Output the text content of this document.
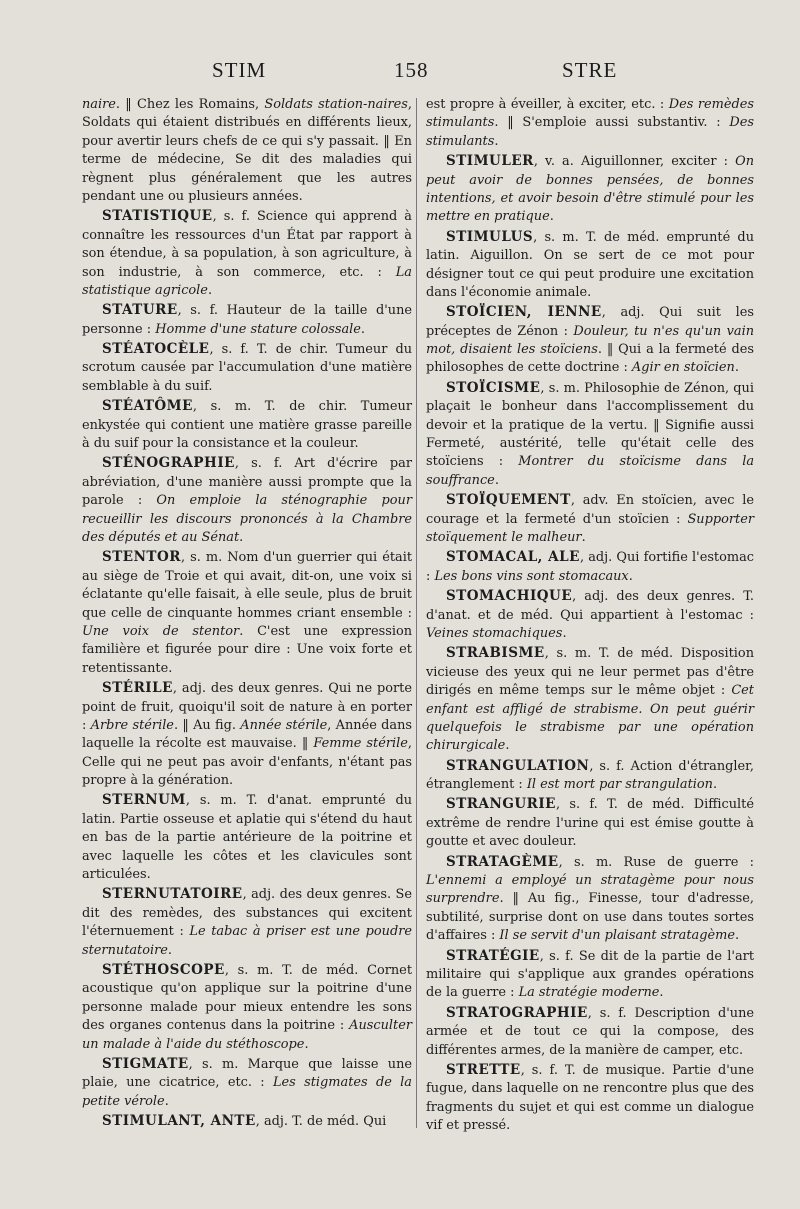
STIM	158	STRE

naire. ‖ Chez les Romains, Soldats station-naires, Soldats qui étaient distribués en différents lieux, pour avertir leurs chefs de ce qui s'y passait. ‖ En terme de médecine, Se dit des maladies qui règnent plus généralement que les autres pendant une ou plusieurs années.

STATISTIQUE, s. f. Science qui apprend à connaître les ressources d'un État par rapport à son étendue, à sa population, à son agriculture, à son industrie, à son commerce, etc. : La statistique agricole.

STATURE, s. f. Hauteur de la taille d'une personne : Homme d'une stature colossale.

STÉATOCÈLE, s. f. T. de chir. Tumeur du scrotum causée par l'accumulation d'une matière semblable à du suif.

STÉATÔME, s. m. T. de chir. Tumeur enkystée qui contient une matière grasse pareille à du suif pour la consistance et la couleur.

STÉNOGRAPHIE, s. f. Art d'écrire par abréviation, d'une manière aussi prompte que la parole : On emploie la sténographie pour recueillir les discours prononcés à la Chambre des députés et au Sénat.

STENTOR, s. m. Nom d'un guerrier qui était au siège de Troie et qui avait, dit-on, une voix si éclatante qu'elle faisait, à elle seule, plus de bruit que celle de cinquante hommes criant ensemble : Une voix de stentor. C'est une expression familière et figurée pour dire : Une voix forte et retentissante.

STÉRILE, adj. des deux genres. Qui ne porte point de fruit, quoiqu'il soit de nature à en porter : Arbre stérile. ‖ Au fig. Année stérile, Année dans laquelle la récolte est mauvaise. ‖ Femme stérile, Celle qui ne peut pas avoir d'enfants, n'étant pas propre à la génération.

STERNUM, s. m. T. d'anat. emprunté du latin. Partie osseuse et aplatie qui s'étend du haut en bas de la partie antérieure de la poitrine et avec laquelle les côtes et les clavicules sont articulées.

STERNUTATOIRE, adj. des deux genres. Se dit des remèdes, des substances qui excitent l'éternuement : Le tabac à priser est une poudre sternutatoire.

STÉTHOSCOPE, s. m. T. de méd. Cornet acoustique qu'on applique sur la poitrine d'une personne malade pour mieux entendre les sons des organes contenus dans la poitrine : Ausculter un malade à l'aide du stéthoscope.

STIGMATE, s. m. Marque que laisse une plaie, une cicatrice, etc. : Les stigmates de la petite vérole.

STIMULANT, ANTE, adj. T. de méd. Qui

est propre à éveiller, à exciter, etc. : Des remèdes stimulants. ‖ S'emploie aussi substantiv. : Des stimulants.

STIMULER, v. a. Aiguillonner, exciter : On peut avoir de bonnes pensées, de bonnes intentions, et avoir besoin d'être stimulé pour les mettre en pratique.

STIMULUS, s. m. T. de méd. emprunté du latin. Aiguillon. On se sert de ce mot pour désigner tout ce qui peut produire une excitation dans l'économie animale.

STOÏCIEN, IENNE, adj. Qui suit les préceptes de Zénon : Douleur, tu n'es qu'un vain mot, disaient les stoïciens. ‖ Qui a la fermeté des philosophes de cette doctrine : Agir en stoïcien.

STOÏCISME, s. m. Philosophie de Zénon, qui plaçait le bonheur dans l'accomplissement du devoir et la pratique de la vertu. ‖ Signifie aussi Fermeté, austérité, telle qu'était celle des stoïciens : Montrer du stoïcisme dans la souffrance.

STOÏQUEMENT, adv. En stoïcien, avec le courage et la fermeté d'un stoïcien : Supporter stoïquement le malheur.

STOMACAL, ALE, adj. Qui fortifie l'estomac : Les bons vins sont stomacaux.

STOMACHIQUE, adj. des deux genres. T. d'anat. et de méd. Qui appartient à l'estomac : Veines stomachiques.

STRABISME, s. m. T. de méd. Disposition vicieuse des yeux qui ne leur permet pas d'être dirigés en même temps sur le même objet : Cet enfant est affligé de strabisme. On peut guérir quelquefois le strabisme par une opération chirurgicale.

STRANGULATION, s. f. Action d'étrangler, étranglement : Il est mort par strangulation.

STRANGURIE, s. f. T. de méd. Difficulté extrême de rendre l'urine qui est émise goutte à goutte et avec douleur.

STRATAGÈME, s. m. Ruse de guerre : L'ennemi a employé un stratagème pour nous surprendre. ‖ Au fig., Finesse, tour d'adresse, subtilité, surprise dont on use dans toutes sortes d'affaires : Il se servit d'un plaisant stratagème.

STRATÉGIE, s. f. Se dit de la partie de l'art militaire qui s'applique aux grandes opérations de la guerre : La stratégie moderne.

STRATOGRAPHIE, s. f. Description d'une armée et de tout ce qui la compose, des différentes armes, de la manière de camper, etc.

STRETTE, s. f. T. de musique. Partie d'une fugue, dans laquelle on ne rencontre plus que des fragments du sujet et qui est comme un dialogue vif et pressé.
